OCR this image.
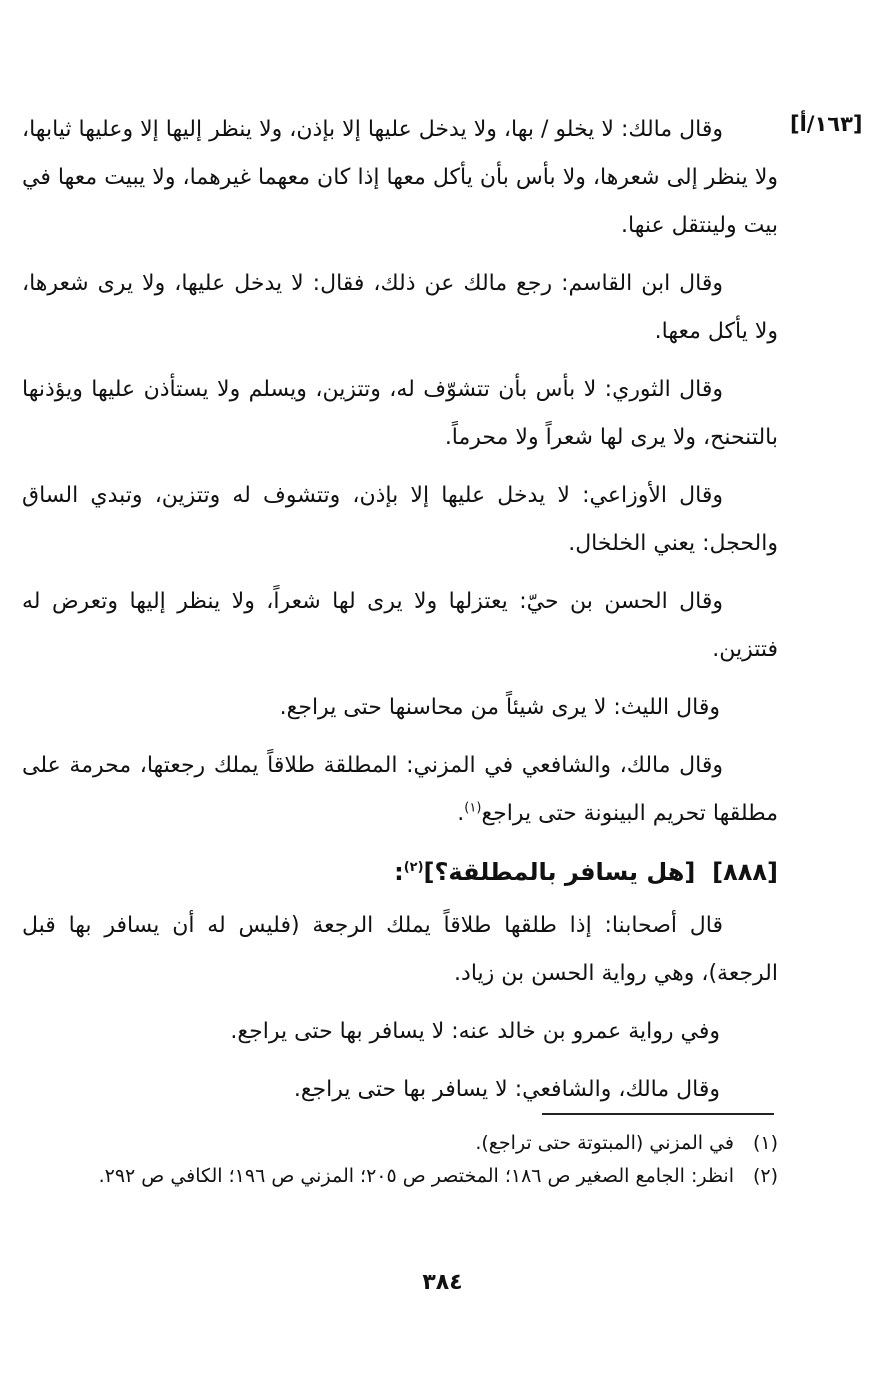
[١٦٣/أ]

وقال مالك: لا يخلو / بها، ولا يدخل عليها إلا بإذن، ولا ينظر إليها إلا وعليها ثيابها، ولا ينظر إلى شعرها، ولا بأس بأن يأكل معها إذا كان معهما غيرهما، ولا يبيت معها في بيت ولينتقل عنها.

وقال ابن القاسم: رجع مالك عن ذلك، فقال: لا يدخل عليها، ولا يرى شعرها، ولا يأكل معها.

وقال الثوري: لا بأس بأن تتشوّف له، وتتزين، ويسلم ولا يستأذن عليها ويؤذنها بالتنحنح، ولا يرى لها شعراً ولا محرماً.

وقال الأوزاعي: لا يدخل عليها إلا بإذن، وتتشوف له وتتزين، وتبدي الساق والحجل: يعني الخلخال.

وقال الحسن بن حيّ: يعتزلها ولا يرى لها شعراً، ولا ينظر إليها وتعرض له فتتزين.

وقال الليث: لا يرى شيئاً من محاسنها حتى يراجع.

وقال مالك، والشافعي في المزني: المطلقة طلاقاً يملك رجعتها، محرمة على مطلقها تحريم البينونة حتى يراجع$^{(١)}$.

[٨٨٨]  [هل يسافر بالمطلقة؟]$^{(٢)}$:

قال أصحابنا: إذا طلقها طلاقاً يملك الرجعة (فليس له أن يسافر بها قبل الرجعة)، وهي رواية الحسن بن زياد.

وفي رواية عمرو بن خالد عنه: لا يسافر بها حتى يراجع.

وقال مالك، والشافعي: لا يسافر بها حتى يراجع.

(١)في المزني (المبتوتة حتى تراجع).

(٢)انظر: الجامع الصغير ص ١٨٦؛ المختصر ص ٢٠٥؛ المزني ص ١٩٦؛ الكافي ص ٢٩٢.

٣٨٤
